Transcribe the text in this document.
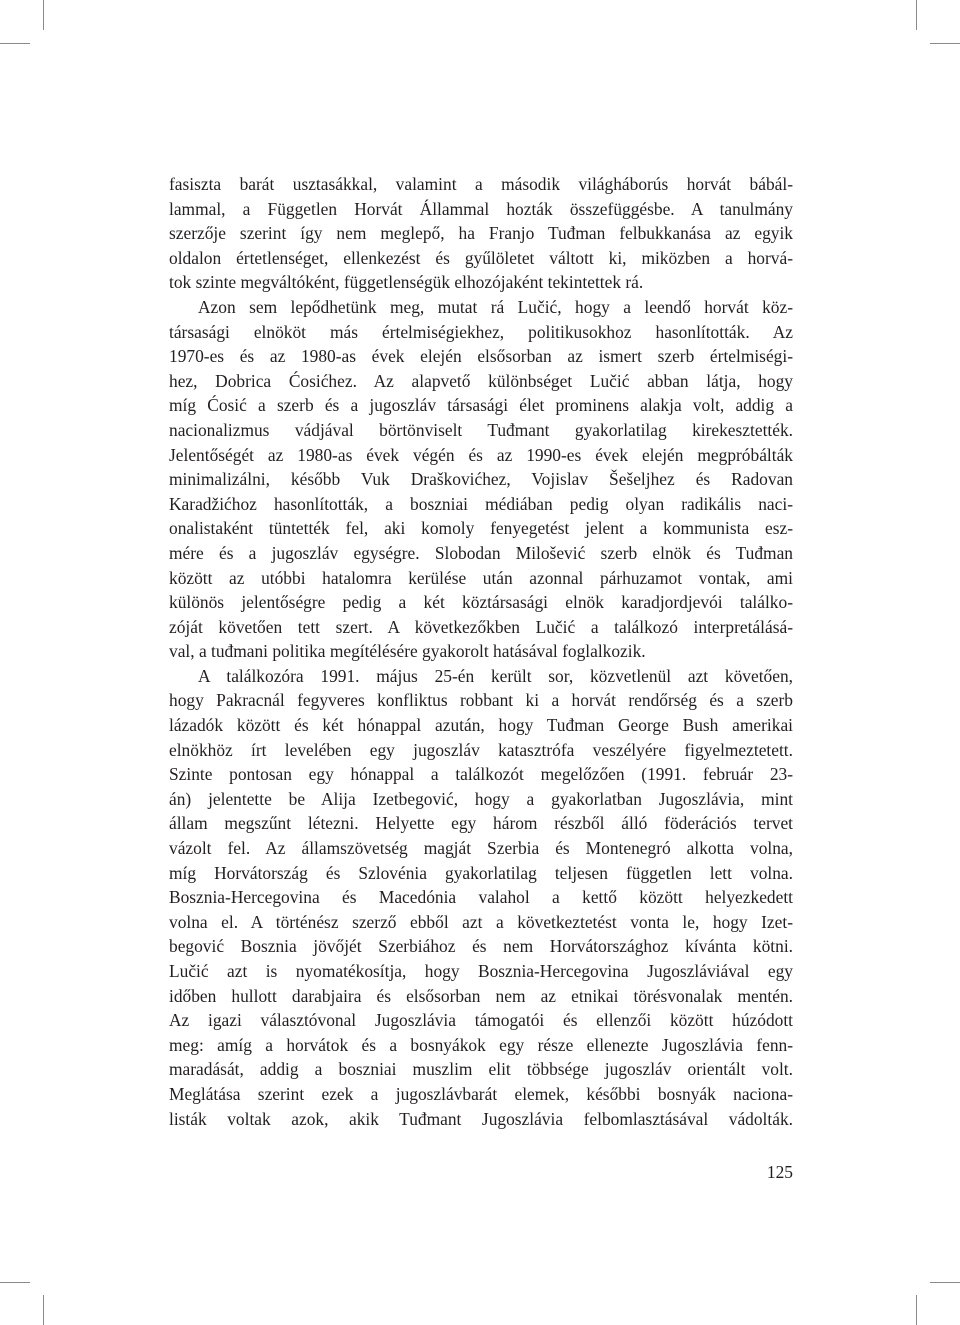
fasiszta barát usztasákkal, valamint a második világháborús horvát bábál-
lammal, a Független Horvát Állammal hozták összefüggésbe. A tanulmány
szerzője szerint így nem meglepő, ha Franjo Tuđman felbukkanása az egyik
oldalon értetlenséget, ellenkezést és gyűlöletet váltott ki, miközben a horvá-
tok szinte megváltóként, függetlenségük elhozójaként tekintettek rá.
Azon sem lepődhetünk meg, mutat rá Lučić, hogy a leendő horvát köz-
társasági elnököt más értelmiségiekhez, politikusokhoz hasonlították. Az
1970-es és az 1980-as évek elején elsősorban az ismert szerb értelmiségi-
hez, Dobrica Ćosićhez. Az alapvető különbséget Lučić abban látja, hogy
míg Ćosić a szerb és a jugoszláv társasági élet prominens alakja volt, addig a
nacionalizmus vádjával börtönviselt Tuđmant gyakorlatilag kirekesztették.
Jelentőségét az 1980-as évek végén és az 1990-es évek elején megpróbálták
minimalizálni, később Vuk Draškovićhez, Vojislav Šešeljhez és Radovan
Karadžićhoz hasonlították, a boszniai médiában pedig olyan radikális naci-
onalistaként tüntették fel, aki komoly fenyegetést jelent a kommunista esz-
mére és a jugoszláv egységre. Slobodan Milošević szerb elnök és Tuđman
között az utóbbi hatalomra kerülése után azonnal párhuzamot vontak, ami
különös jelentőségre pedig a két köztársasági elnök karadjordjevói találko-
zóját követően tett szert. A következőkben Lučić a találkozó interpretálásá-
val, a tuđmani politika megítélésére gyakorolt hatásával foglalkozik.
A találkozóra 1991. május 25-én került sor, közvetlenül azt követően,
hogy Pakracnál fegyveres konfliktus robbant ki a horvát rendőrség és a szerb
lázadók között és két hónappal azután, hogy Tuđman George Bush amerikai
elnökhöz írt levelében egy jugoszláv katasztrófa veszélyére figyelmeztetett.
Szinte pontosan egy hónappal a találkozót megelőzően (1991. február 23-
án) jelentette be Alija Izetbegović, hogy a gyakorlatban Jugoszlávia, mint
állam megszűnt létezni. Helyette egy három részből álló föderációs tervet
vázolt fel. Az államszövetség magját Szerbia és Montenegró alkotta volna,
míg Horvátország és Szlovénia gyakorlatilag teljesen független lett volna.
Bosznia-Hercegovina és Macedónia valahol a kettő között helyezkedett
volna el. A történész szerző ebből azt a következtetést vonta le, hogy Izet-
begović Bosznia jövőjét Szerbiához és nem Horvátországhoz kívánta kötni.
Lučić azt is nyomatékosítja, hogy Bosznia-Hercegovina Jugoszláviával egy
időben hullott darabjaira és elsősorban nem az etnikai törésvonalak mentén.
Az igazi választóvonal Jugoszlávia támogatói és ellenzői között húzódott
meg: amíg a horvátok és a bosnyákok egy része ellenezte Jugoszlávia fenn-
maradását, addig a boszniai muszlim elit többsége jugoszláv orientált volt.
Meglátása szerint ezek a jugoszlávbarát elemek, későbbi bosnyák naciona-
listák voltak azok, akik Tuđmant Jugoszlávia felbomlasztásával vádolták.
125
